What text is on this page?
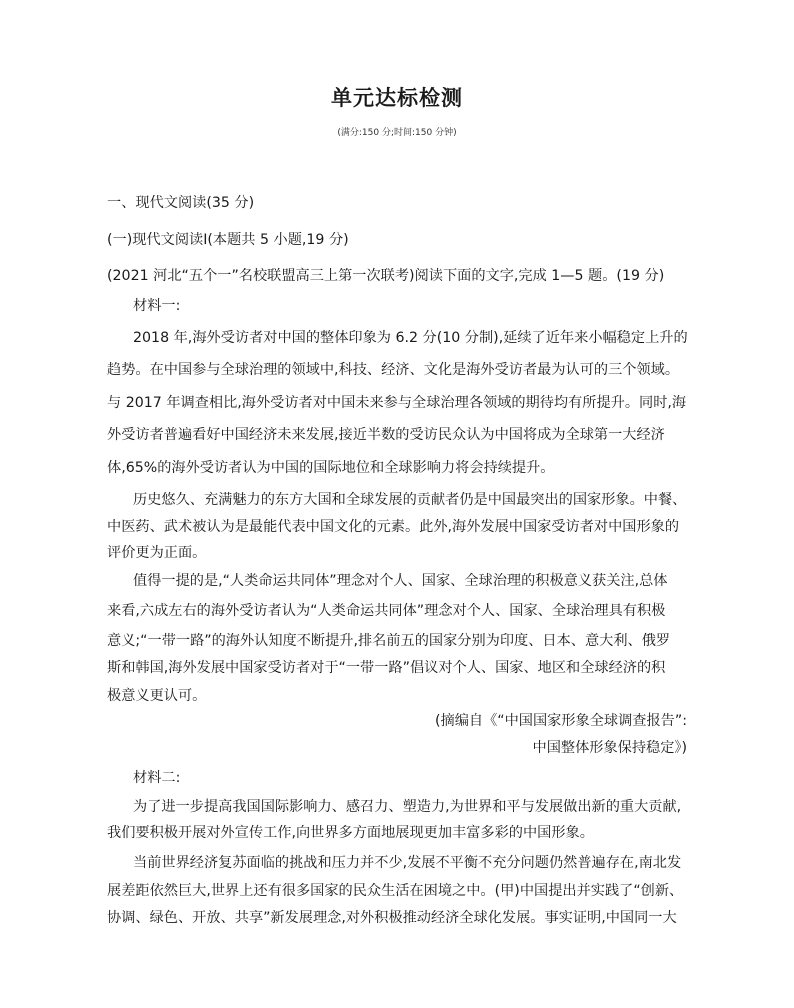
单元达标检测
(满分:150 分;时间:150 分钟)
一、现代文阅读(35 分)
(一)现代文阅读Ⅰ(本题共 5 小题,19 分)
(2021 河北“五个一”名校联盟高三上第一次联考)阅读下面的文字,完成 1—5 题。(19 分)
材料一:
2018 年,海外受访者对中国的整体印象为 6.2 分(10 分制),延续了近年来小幅稳定上升的
趋势。在中国参与全球治理的领域中,科技、经济、文化是海外受访者最为认可的三个领域。
与 2017 年调查相比,海外受访者对中国未来参与全球治理各领域的期待均有所提升。同时,海
外受访者普遍看好中国经济未来发展,接近半数的受访民众认为中国将成为全球第一大经济
体,65%的海外受访者认为中国的国际地位和全球影响力将会持续提升。
历史悠久、充满魅力的东方大国和全球发展的贡献者仍是中国最突出的国家形象。中餐、
中医药、武术被认为是最能代表中国文化的元素。此外,海外发展中国家受访者对中国形象的
评价更为正面。
值得一提的是,“人类命运共同体”理念对个人、国家、全球治理的积极意义获关注,总体
来看,六成左右的海外受访者认为“人类命运共同体”理念对个人、国家、全球治理具有积极
意义;“一带一路”的海外认知度不断提升,排名前五的国家分别为印度、日本、意大利、俄罗
斯和韩国,海外发展中国家受访者对于“一带一路”倡议对个人、国家、地区和全球经济的积
极意义更认可。
(摘编自《“中国国家形象全球调查报告”:
中国整体形象保持稳定》)
材料二:
为了进一步提高我国国际影响力、感召力、塑造力,为世界和平与发展做出新的重大贡献,
我们要积极开展对外宣传工作,向世界多方面地展现更加丰富多彩的中国形象。
当前世界经济复苏面临的挑战和压力并不少,发展不平衡不充分问题仍然普遍存在,南北发
展差距依然巨大,世界上还有很多国家的民众生活在困境之中。(甲)中国提出并实践了“创新、
协调、绿色、开放、共享”新发展理念,对外积极推动经济全球化发展。事实证明,中国同一大
